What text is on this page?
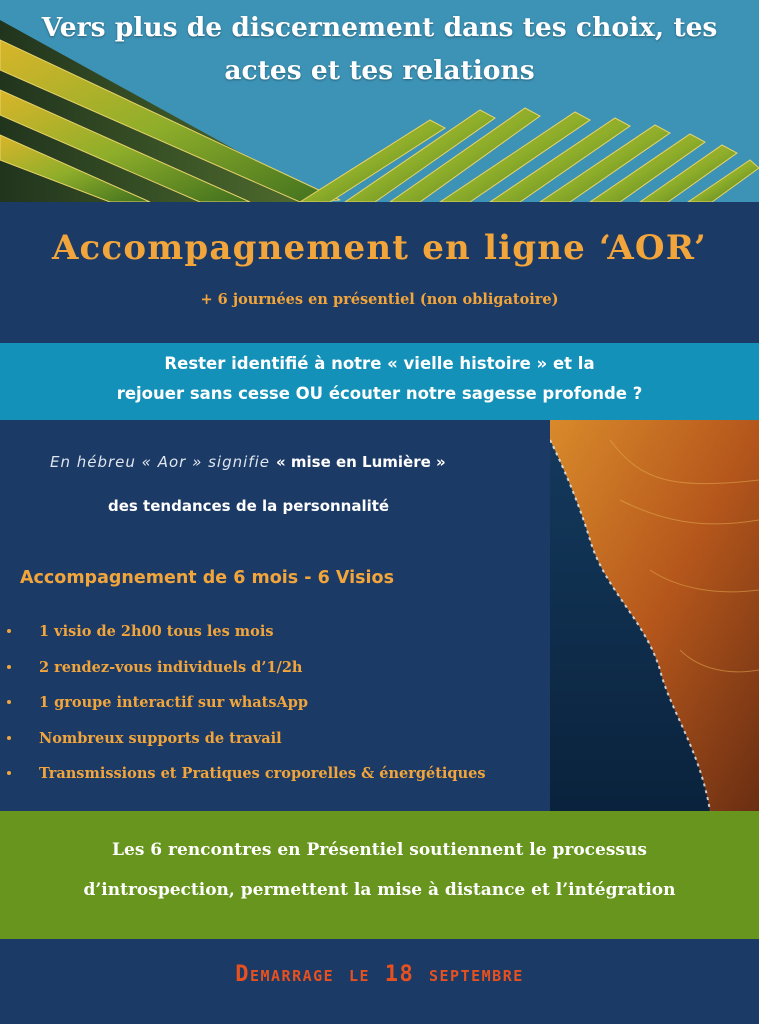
Vers plus de discernement dans tes choix, tes actes et tes relations
Accompagnement en ligne ‘AOR’
+ 6 journées en présentiel (non obligatoire)
Rester identifié à notre « vielle histoire » et la
rejouer sans cesse OU écouter notre sagesse profonde ?
En hébreu « Aor » signifie « mise en Lumière »
des tendances de la personnalité
Accompagnement de 6 mois - 6 Visios
1 visio de 2h00 tous les mois
2 rendez-vous individuels d’1/2h
1 groupe interactif sur whatsApp
Nombreux supports de travail
Transmissions et Pratiques croporelles & énergétiques
Les 6 rencontres en Présentiel soutiennent le processus
d’introspection, permettent la mise à distance et l’intégration
Demarrage le 18 septembre
